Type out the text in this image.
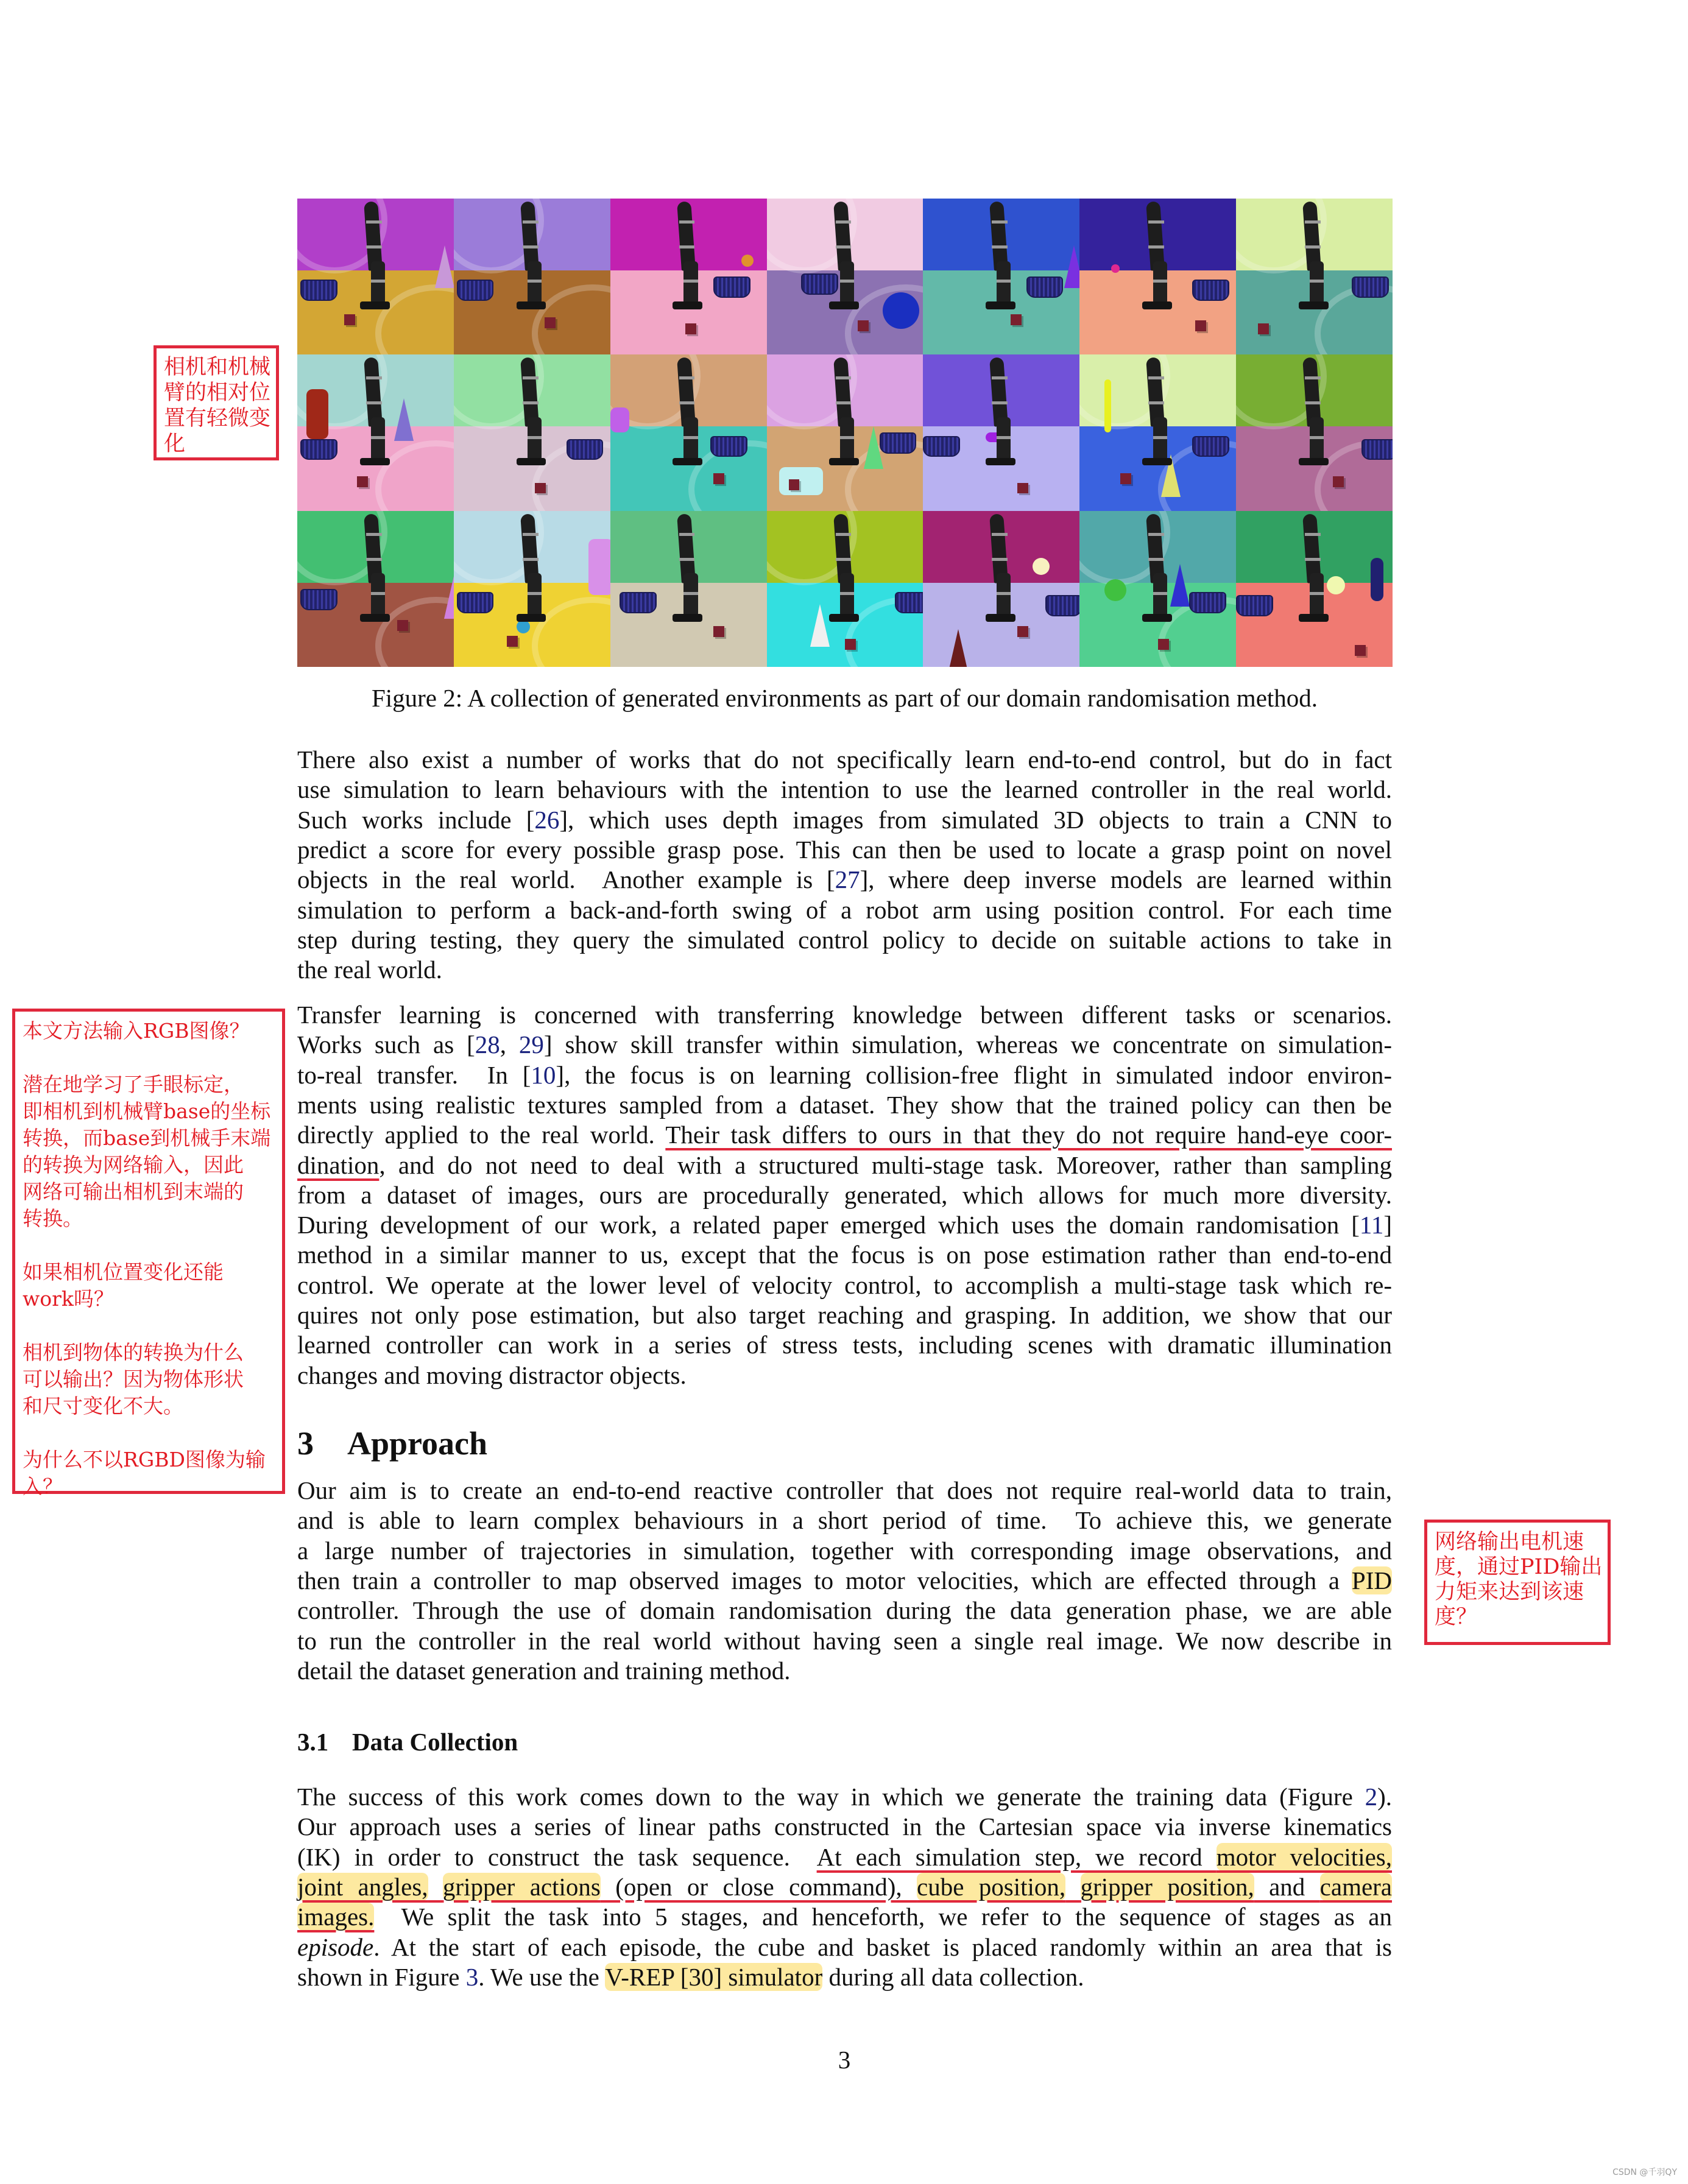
Figure 2: A collection of generated environments as part of our domain randomisation method.
There also exist a number of works that do not specifically learn end-to-end control, but do in fact
use simulation to learn behaviours with the intention to use the learned controller in the real world.
Such works include [26], which uses depth images from simulated 3D objects to train a CNN to
predict a score for every possible grasp pose. This can then be used to locate a grasp point on novel
objects in the real world.  Another example is [27], where deep inverse models are learned within
simulation to perform a back-and-forth swing of a robot arm using position control. For each time
step during testing, they query the simulated control policy to decide on suitable actions to take in
the real world.
Transfer learning is concerned with transferring knowledge between different tasks or scenarios.
Works such as [28, 29] show skill transfer within simulation, whereas we concentrate on simulation-
to-real transfer.  In [10], the focus is on learning collision-free flight in simulated indoor environ-
ments using realistic textures sampled from a dataset. They show that the trained policy can then be
directly applied to the real world. Their task differs to ours in that they do not require hand-eye coor-
dination, and do not need to deal with a structured multi-stage task. Moreover, rather than sampling
from a dataset of images, ours are procedurally generated, which allows for much more diversity.
During development of our work, a related paper emerged which uses the domain randomisation [11]
method in a similar manner to us, except that the focus is on pose estimation rather than end-to-end
control. We operate at the lower level of velocity control, to accomplish a multi-stage task which re-
quires not only pose estimation, but also target reaching and grasping. In addition, we show that our
learned controller can work in a series of stress tests, including scenes with dramatic illumination
changes and moving distractor objects.
3 Approach
Our aim is to create an end-to-end reactive controller that does not require real-world data to train,
and is able to learn complex behaviours in a short period of time.  To achieve this, we generate
a large number of trajectories in simulation, together with corresponding image observations, and
then train a controller to map observed images to motor velocities, which are effected through a PID
controller. Through the use of domain randomisation during the data generation phase, we are able
to run the controller in the real world without having seen a single real image. We now describe in
detail the dataset generation and training method.
3.1 Data Collection
The success of this work comes down to the way in which we generate the training data (Figure 2).
Our approach uses a series of linear paths constructed in the Cartesian space via inverse kinematics
(IK) in order to construct the task sequence.  At each simulation step, we record motor velocities,
joint angles, gripper actions (open or close command), cube position, gripper position, and camera
images.  We split the task into 5 stages, and henceforth, we refer to the sequence of stages as an
episode. At the start of each episode, the cube and basket is placed randomly within an area that is
shown in Figure 3. We use the V-REP [30] simulator during all data collection.
3
相机和机械
臂的相对位
置有轻微变
化
本文方法输入RGB图像？
潜在地学习了手眼标定，
即相机到机械臂base的坐标
转换，而base到机械手末端
的转换为网络输入，因此
网络可输出相机到末端的
转换。
如果相机位置变化还能
work吗？
相机到物体的转换为什么
可以输出？因为物体形状
和尺寸变化不大。
为什么不以RGBD图像为输
入？
网络输出电机速
度，通过PID输出
力矩来达到该速
度？
CSDN @千羽QY
